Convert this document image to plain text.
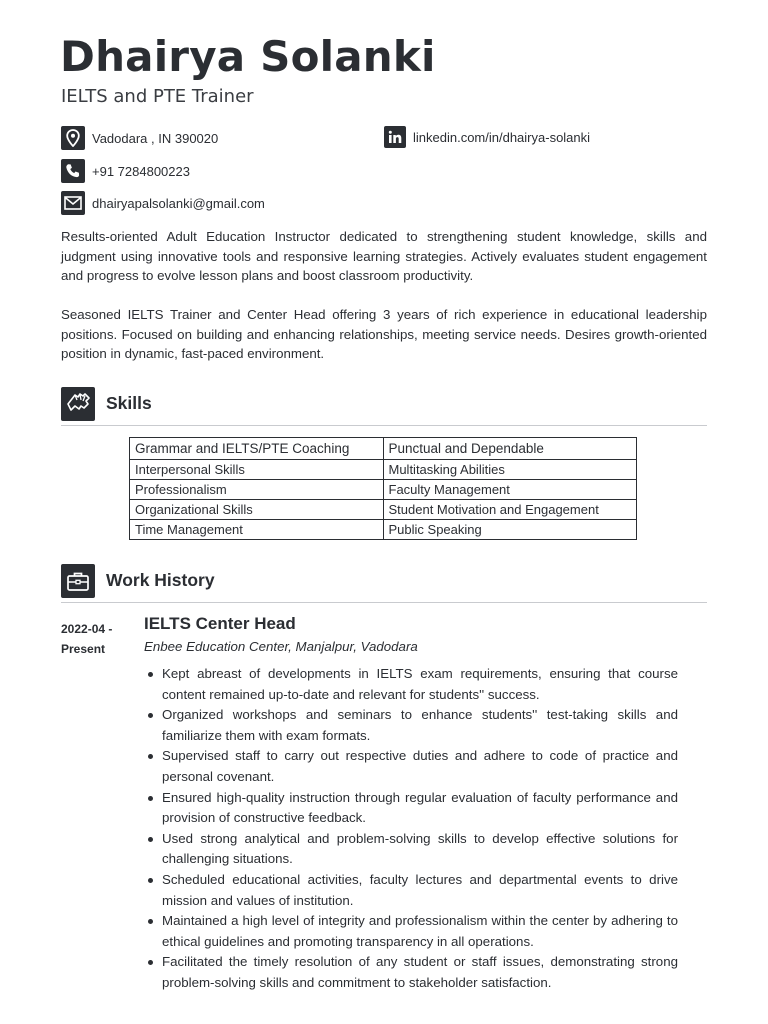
Dhairya Solanki
IELTS and PTE Trainer
Vadodara , IN 390020
+91 7284800223
dhairyapalsolanki@gmail.com
linkedin.com/in/dhairya-solanki

Results-oriented Adult Education Instructor dedicated to strengthening student knowledge, skills and judgment using innovative tools and responsive learning strategies. Actively evaluates student engagement and progress to evolve lesson plans and boost classroom productivity.

Seasoned IELTS Trainer and Center Head offering 3 years of rich experience in educational leadership positions. Focused on building and enhancing relationships, meeting service needs. Desires growth-oriented position in dynamic, fast-paced environment.

Skills
Grammar and IELTS/PTE Coaching	Punctual and Dependable
Interpersonal Skills	Multitasking Abilities
Professionalism	Faculty Management
Organizational Skills	Student Motivation and Engagement
Time Management	Public Speaking
Work History
2022-04 -
Present
IELTS Center Head
Enbee Education Center, Manjalpur, Vadodara
Kept abreast of developments in IELTS exam requirements, ensuring that course content remained up-to-date and relevant for students'' success.
Organized workshops and seminars to enhance students'' test-taking skills and familiarize them with exam formats.
Supervised staff to carry out respective duties and adhere to code of practice and personal covenant.
Ensured high-quality instruction through regular evaluation of faculty performance and provision of constructive feedback.
Used strong analytical and problem-solving skills to develop effective solutions for challenging situations.
Scheduled educational activities, faculty lectures and departmental events to drive mission and values of institution.
Maintained a high level of integrity and professionalism within the center by adhering to ethical guidelines and promoting transparency in all operations.
Facilitated the timely resolution of any student or staff issues, demonstrating strong problem-solving skills and commitment to stakeholder satisfaction.
